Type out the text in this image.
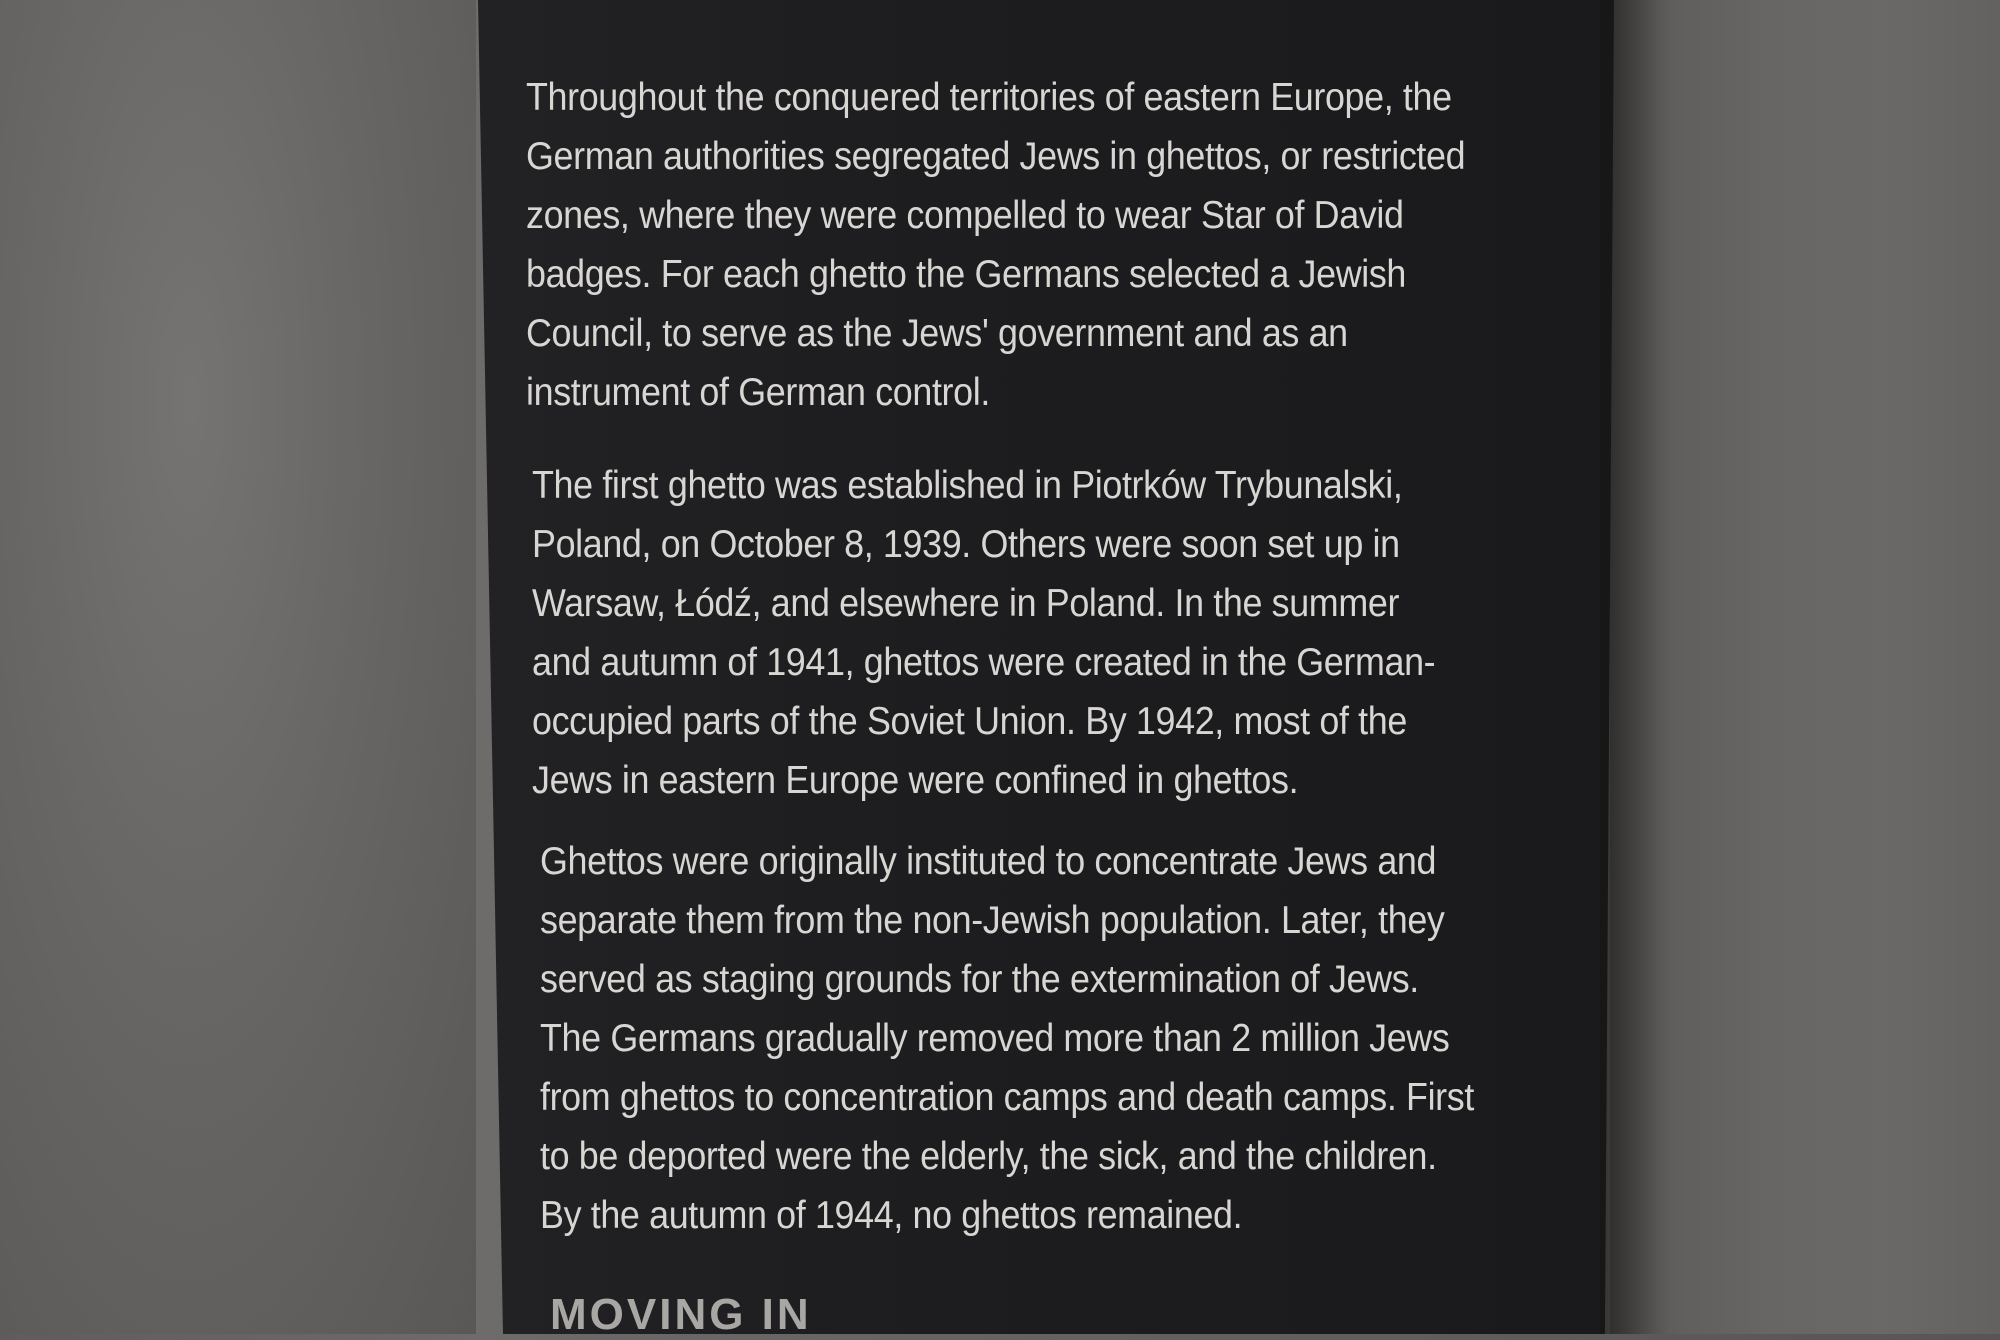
Throughout the conquered territories of eastern Europe, the
German authorities segregated Jews in ghettos, or restricted
zones, where they were compelled to wear Star of David
badges. For each ghetto the Germans selected a Jewish
Council, to serve as the Jews' government and as an
instrument of German control.
The first ghetto was established in Piotrków Trybunalski,
Poland, on October 8, 1939. Others were soon set up in
Warsaw, Łódź, and elsewhere in Poland. In the summer
and autumn of 1941, ghettos were created in the German-
occupied parts of the Soviet Union. By 1942, most of the
Jews in eastern Europe were confined in ghettos.
Ghettos were originally instituted to concentrate Jews and
separate them from the non-Jewish population. Later, they
served as staging grounds for the extermination of Jews.
The Germans gradually removed more than 2 million Jews
from ghettos to concentration camps and death camps. First
to be deported were the elderly, the sick, and the children.
By the autumn of 1944, no ghettos remained.
MOVING IN
